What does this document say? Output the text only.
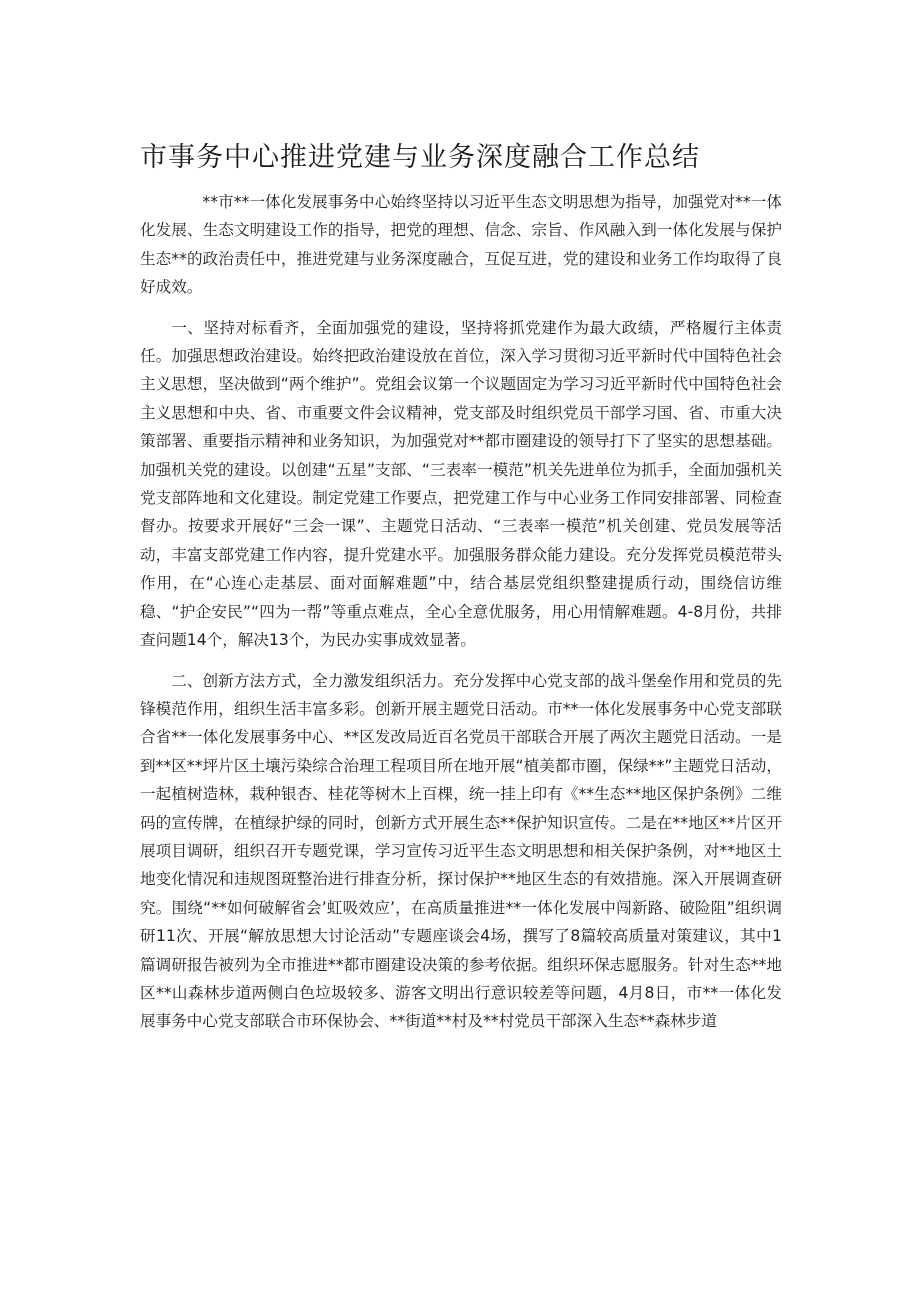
市事务中心推进党建与业务深度融合工作总结

**市**一体化发展事务中心始终坚持以习近平生态文明思想为指导，加强党对**一体化发展、生态文明建设工作的指导，把党的理想、信念、宗旨、作风融入到一体化发展与保护生态**的政治责任中，推进党建与业务深度融合，互促互进，党的建设和业务工作均取得了良好成效。

一、坚持对标看齐，全面加强党的建设，坚持将抓党建作为最大政绩，严格履行主体责任。加强思想政治建设。始终把政治建设放在首位，深入学习贯彻习近平新时代中国特色社会主义思想，坚决做到“两个维护”。党组会议第一个议题固定为学习习近平新时代中国特色社会主义思想和中央、省、市重要文件会议精神，党支部及时组织党员干部学习国、省、市重大决策部署、重要指示精神和业务知识，为加强党对**都市圈建设的领导打下了坚实的思想基础。加强机关党的建设。以创建“五星”支部、“三表率一模范”机关先进单位为抓手，全面加强机关党支部阵地和文化建设。制定党建工作要点，把党建工作与中心业务工作同安排部署、同检查督办。按要求开展好“三会一课”、主题党日活动、“三表率一模范”机关创建、党员发展等活动，丰富支部党建工作内容，提升党建水平。加强服务群众能力建设。充分发挥党员模范带头作用，在“心连心走基层、面对面解难题”中，结合基层党组织整建提质行动，围绕信访维稳、“护企安民”“四为一帮”等重点难点，全心全意优服务，用心用情解难题。4-8月份，共排查问题14个，解决13个，为民办实事成效显著。

二、创新方法方式，全力激发组织活力。充分发挥中心党支部的战斗堡垒作用和党员的先锋模范作用，组织生活丰富多彩。创新开展主题党日活动。市**一体化发展事务中心党支部联合省**一体化发展事务中心、**区发改局近百名党员干部联合开展了两次主题党日活动。一是到**区**坪片区土壤污染综合治理工程项目所在地开展“植美都市圈，保绿**”主题党日活动，一起植树造林，栽种银杏、桂花等树木上百棵，统一挂上印有《**生态**地区保护条例》二维码的宣传牌，在植绿护绿的同时，创新方式开展生态**保护知识宣传。二是在**地区**片区开展项目调研，组织召开专题党课，学习宣传习近平生态文明思想和相关保护条例，对**地区土地变化情况和违规图斑整治进行排查分析，探讨保护**地区生态的有效措施。深入开展调查研究。围绕“**如何破解省会’虹吸效应’，在高质量推进**一体化发展中闯新路、破险阻”组织调研11次、开展“解放思想大讨论活动”专题座谈会4场，撰写了8篇较高质量对策建议，其中1篇调研报告被列为全市推进**都市圈建设决策的参考依据。组织环保志愿服务。针对生态**地区**山森林步道两侧白色垃圾较多、游客文明出行意识较差等问题，4月8日，市**一体化发展事务中心党支部联合市环保协会、**街道**村及**村党员干部深入生态**森林步道
